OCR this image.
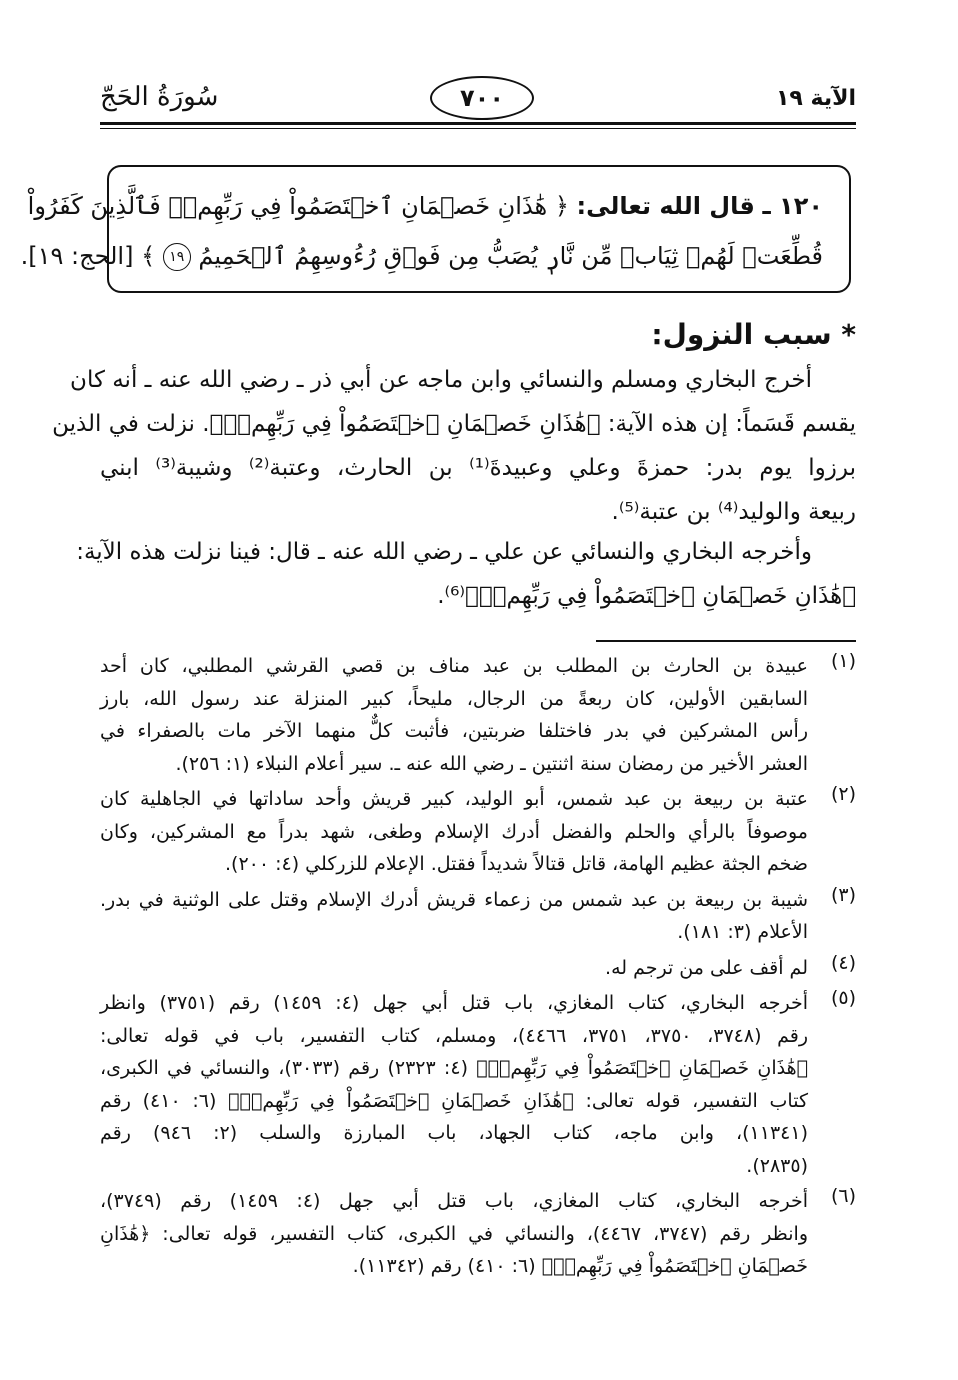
الآية ١٩
٧٠٠
سُورَةُ الحَجّ
١٢٠ ـ قال الله تعالى: ﴿ هَٰذَانِ خَصۡمَانِ ٱخۡتَصَمُواْ فِي رَبِّهِمۡۖ فَٱلَّذِينَ كَفَرُواْ
قُطِّعَتۡ لَهُمۡ ثِيَابٞ مِّن نَّارٖ يُصَبُّ مِن فَوۡقِ رُءُوسِهِمُ ٱلۡحَمِيمُ ١٩ ﴾ [الحج: ١٩].
* سبب النزول:
أخرج البخاري ومسلم والنسائي وابن ماجه عن أبي ذر ـ رضي الله عنه ـ أنه كان
يقسم قَسَماً: إن هذه الآية: ﴿هَٰذَانِ خَصۡمَانِ ٱخۡتَصَمُواْ فِي رَبِّهِمۡۖ﴾. نزلت في الذين
برزوا يوم بدر: حمزةَ وعلي وعبيدةَ⁽¹⁾ بن الحارث، وعتبة⁽²⁾ وشيبة⁽³⁾ ابني
ربيعة والوليد⁽⁴⁾ بن عتبة⁽⁵⁾.
وأخرجه البخاري والنسائي عن علي ـ رضي الله عنه ـ قال: فينا نزلت هذه الآية:
﴿هَٰذَانِ خَصۡمَانِ ٱخۡتَصَمُواْ فِي رَبِّهِمۡۖ﴾⁽⁶⁾.
(١)
عبيدة بن الحارث بن المطلب بن عبد مناف بن قصي القرشي المطلبي، كان أحد
السابقين الأولين، كان ربعةً من الرجال، مليحاً، كبير المنزلة عند رسول الله، بارز
رأس المشركين في بدر فاختلفا ضربتين، فأثبت كلٌّ منهما الآخر مات بالصفراء في
العشر الأخير من رمضان سنة اثنتين ـ رضي الله عنه ـ. سير أعلام النبلاء (١: ٢٥٦).
(٢)
عتبة بن ربيعة بن عبد شمس، أبو الوليد، كبير قريش وأحد ساداتها في الجاهلية كان
موصوفاً بالرأي والحلم والفضل أدرك الإسلام وطغى، شهد بدراً مع المشركين، وكان
ضخم الجثة عظيم الهامة، قاتل قتالاً شديداً فقتل. الإعلام للزركلي (٤: ٢٠٠).
(٣)
شيبة بن ربيعة بن عبد شمس من زعماء قريش أدرك الإسلام وقتل على الوثنية في بدر.
الأعلام (٣: ١٨١).
(٤)
لم أقف على من ترجم له.
(٥)
أخرجه البخاري، كتاب المغازي، باب قتل أبي جهل (٤: ١٤٥٩) رقم (٣٧٥١) وانظر
رقم (٣٧٤٨، ٣٧٥٠، ٣٧٥١، ٤٤٦٦)، ومسلم، كتاب التفسير، باب في قوله تعالى:
﴿هَٰذَانِ خَصۡمَانِ ٱخۡتَصَمُواْ فِي رَبِّهِمۡۖ﴾ (٤: ٢٣٢٣) رقم (٣٠٣٣)، والنسائي في الكبرى،
كتاب التفسير، قوله تعالى: ﴿هَٰذَانِ خَصۡمَانِ ٱخۡتَصَمُواْ فِي رَبِّهِمۡۖ﴾ (٦: ٤١٠) رقم
(١١٣٤١)، وابن ماجه، كتاب الجهاد، باب المبارزة والسلب (٢: ٩٤٦) رقم
(٢٨٣٥).
(٦)
أخرجه البخاري، كتاب المغازي، باب قتل أبي جهل (٤: ١٤٥٩) رقم (٣٧٤٩)،
وانظر رقم (٣٧٤٧، ٤٤٦٧)، والنسائي في الكبرى، كتاب التفسير، قوله تعالى: ﴿هَٰذَانِ
خَصۡمَانِ ٱخۡتَصَمُواْ فِي رَبِّهِمۡۖ﴾ (٦: ٤١٠) رقم (١١٣٤٢).
